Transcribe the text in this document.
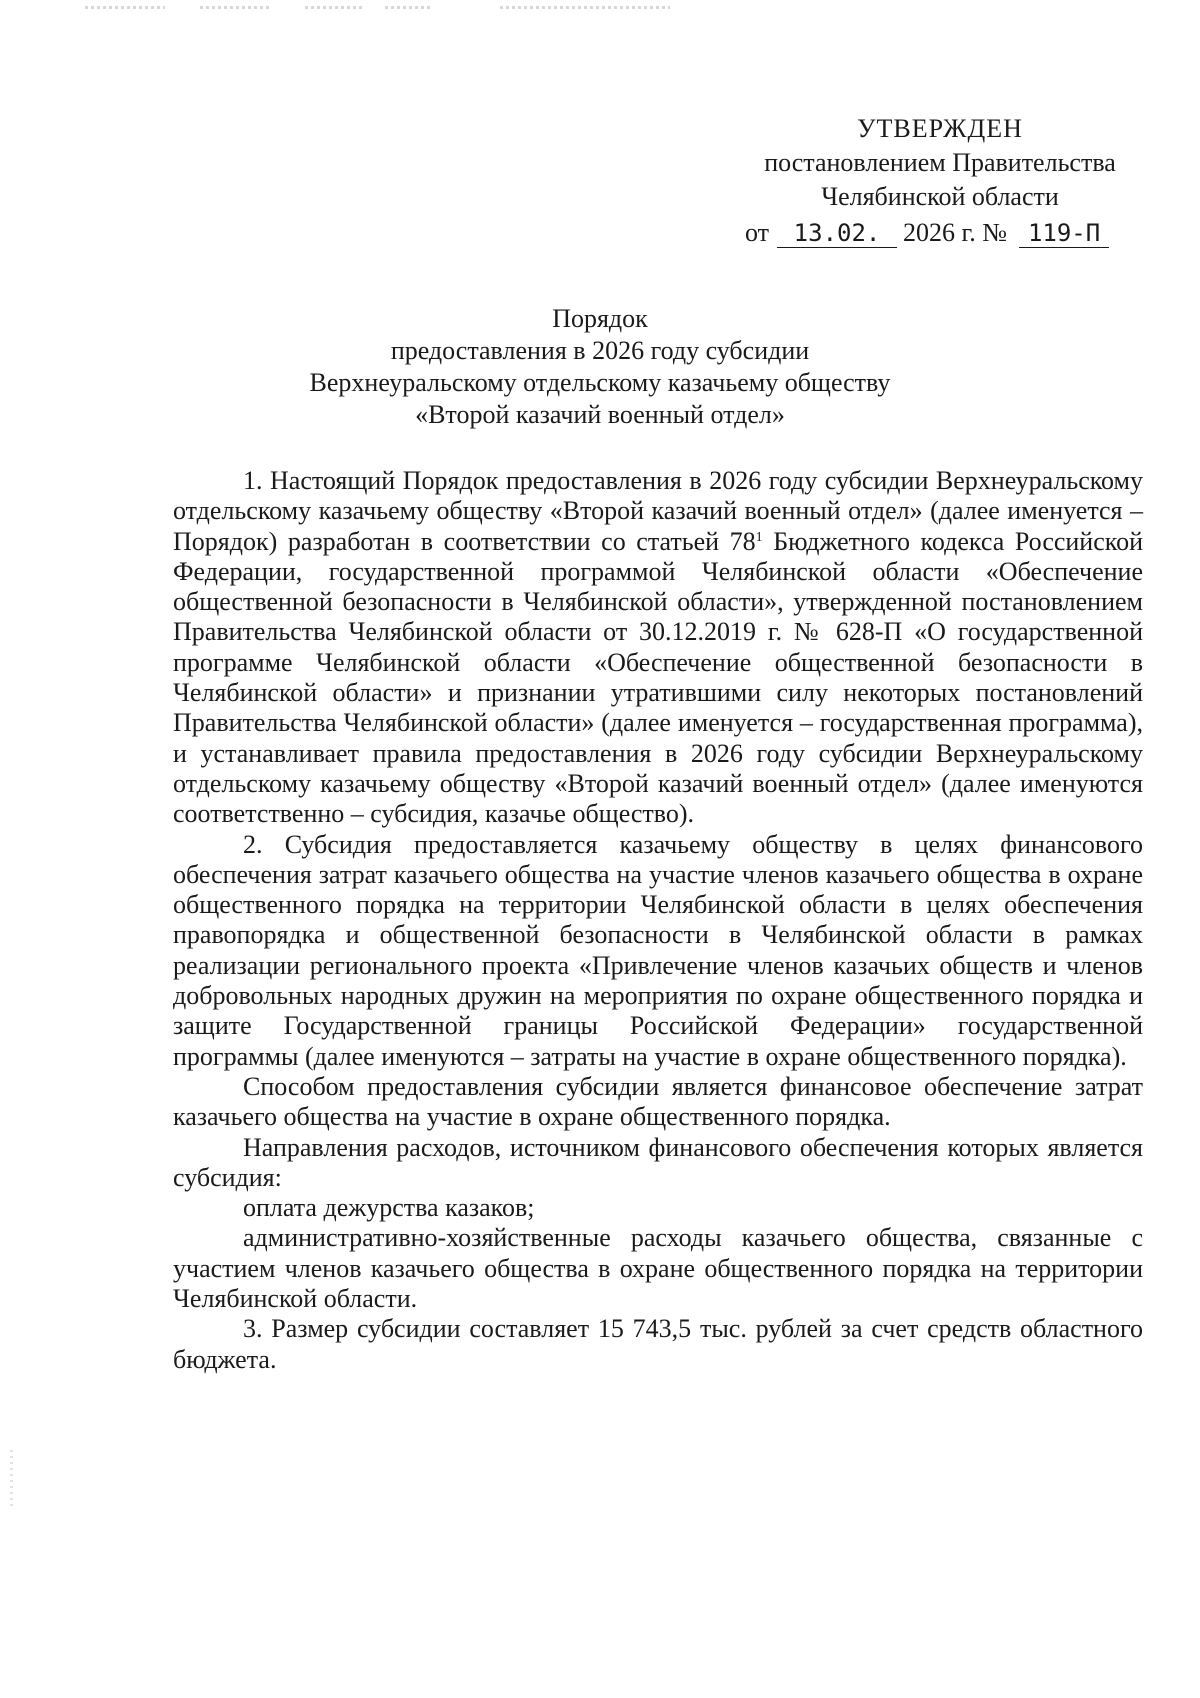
УТВЕРЖДЕН
постановлением Правительства
Челябинской области
от	13.02. 2026 г. № 119-П
Порядок
предоставления в 2026 году субсидии
Верхнеуральскому отдельскому казачьему обществу
«Второй казачий военный отдел»

1. Настоящий Порядок предоставления в 2026 году субсидии Верхнеуральскому отдельскому казачьему обществу «Второй казачий военный отдел» (далее именуется – Порядок) разработан в соответствии со статьей $78^1$ Бюджетного кодекса Российской Федерации, государственной программой Челябинской области «Обеспечение общественной безопасности в Челябинской области», утвержденной постановлением Правительства Челябинской области от 30.12.2019 г. № 628-П «О государственной программе Челябинской области «Обеспечение общественной безопасности в Челябинской области» и признании утратившими силу некоторых постановлений Правительства Челябинской области» (далее именуется – государственная программа), и устанавливает правила предоставления в 2026 году субсидии Верхнеуральскому отдельскому казачьему обществу «Второй казачий военный отдел» (далее именуются соответственно – субсидия, казачье общество).

2. Субсидия предоставляется казачьему обществу в целях финансового обеспечения затрат казачьего общества на участие членов казачьего общества в охране общественного порядка на территории Челябинской области в целях обеспечения правопорядка и общественной безопасности в Челябинской области в рамках реализации регионального проекта «Привлечение членов казачьих обществ и членов добровольных народных дружин на мероприятия по охране общественного порядка и защите Государственной границы Российской Федерации» государственной программы (далее именуются – затраты на участие в охране общественного порядка).

Способом предоставления субсидии является финансовое обеспечение затрат казачьего общества на участие в охране общественного порядка.

Направления расходов, источником финансового обеспечения которых является субсидия:

оплата дежурства казаков;

административно-хозяйственные расходы казачьего общества, связанные с участием членов казачьего общества в охране общественного порядка на территории Челябинской области.

3. Размер субсидии составляет 15 743,5 тыс. рублей за счет средств областного бюджета.
